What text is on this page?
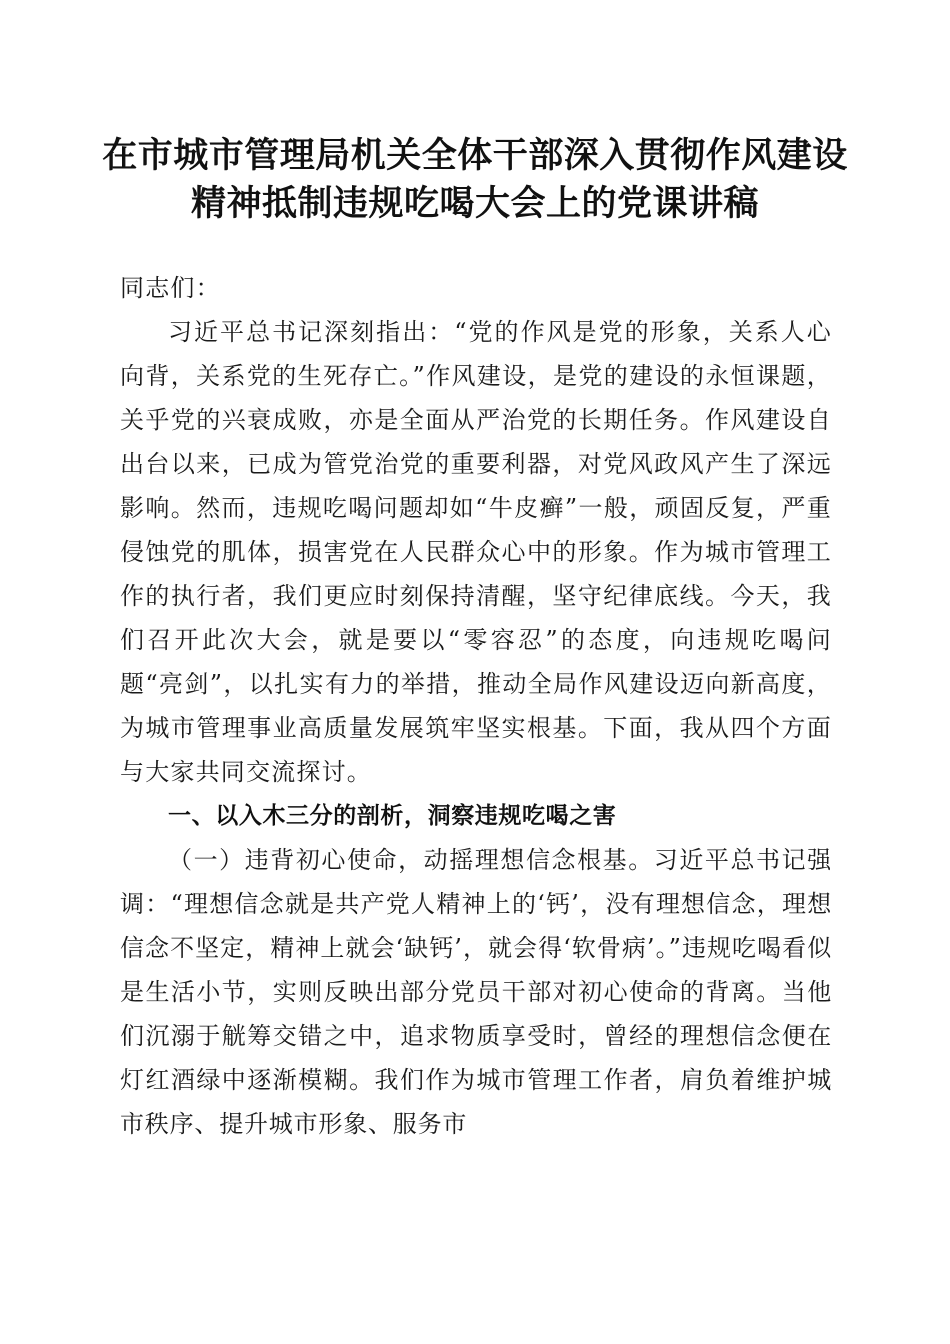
在市城市管理局机关全体干部深入贯彻作风建设精神抵制违规吃喝大会上的党课讲稿

同志们：

习近平总书记深刻指出：“党的作风是党的形象，关系人心向背，关系党的生死存亡。”作风建设，是党的建设的永恒课题，关乎党的兴衰成败，亦是全面从严治党的长期任务。作风建设自出台以来，已成为管党治党的重要利器，对党风政风产生了深远影响。然而，违规吃喝问题却如“牛皮癣”一般，顽固反复，严重侵蚀党的肌体，损害党在人民群众心中的形象。作为城市管理工作的执行者，我们更应时刻保持清醒，坚守纪律底线。今天，我们召开此次大会，就是要以“零容忍”的态度，向违规吃喝问题“亮剑”，以扎实有力的举措，推动全局作风建设迈向新高度，为城市管理事业高质量发展筑牢坚实根基。下面，我从四个方面与大家共同交流探讨。

一、以入木三分的剖析，洞察违规吃喝之害

（一）违背初心使命，动摇理想信念根基。习近平总书记强调：“理想信念就是共产党人精神上的‘钙’，没有理想信念，理想信念不坚定，精神上就会‘缺钙’，就会得‘软骨病’。”违规吃喝看似是生活小节，实则反映出部分党员干部对初心使命的背离。当他们沉溺于觥筹交错之中，追求物质享受时，曾经的理想信念便在灯红酒绿中逐渐模糊。我们作为城市管理工作者，肩负着维护城市秩序、提升城市形象、服务市
